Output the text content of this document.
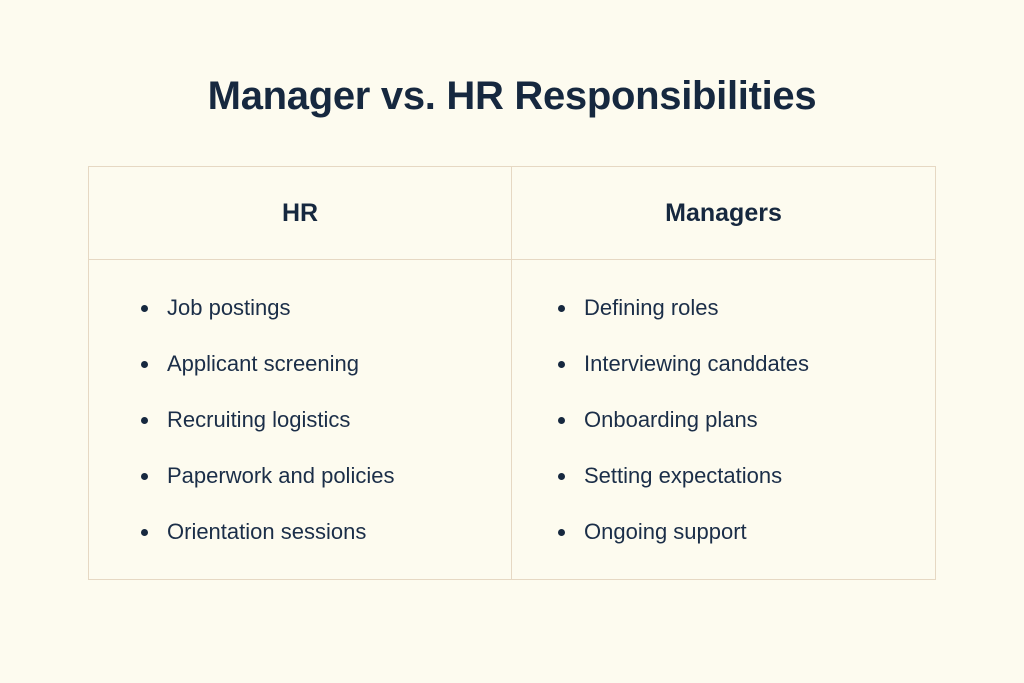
Manager vs. HR Responsibilities
HR	Managers
Job postings
Applicant screening
Recruiting logistics
Paperwork and policies
Orientation sessions
Defining roles
Interviewing canddates
Onboarding plans
Setting expectations
Ongoing support
